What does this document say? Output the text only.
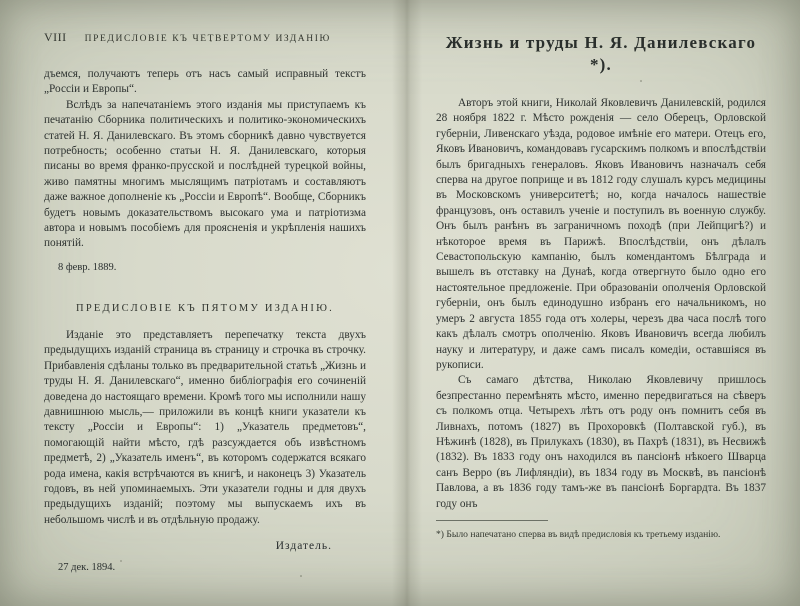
VIII ПРЕДИСЛОВІЕ КЪ ЧЕТВЕРТОМУ ИЗДАНІЮ

дъемся, получаютъ теперь отъ насъ самый исправный текстъ „Россіи и Европы“.

Вслѣдъ за напечатаніемъ этого изданія мы приступаемъ къ печатанію Сборника политическихъ и политико-экономическихъ статей Н. Я. Данилевскаго. Въ этомъ сборникѣ давно чувствуется потребность; особенно статьи Н. Я. Данилевскаго, которыя писаны во время франко-прусской и послѣдней турецкой войны, живо памятны многимъ мыслящимъ патріотамъ и составляютъ даже важное дополненіе къ „Россіи и Европѣ“. Вообще, Сборникъ будетъ новымъ доказательствомъ высокаго ума и патріотизма автора и новымъ пособіемъ для проясненія и укрѣпленія нашихъ понятій.

8 февр. 1889.
ПРЕДИСЛОВІЕ КЪ ПЯТОМУ ИЗДАНІЮ.

Изданіе это представляетъ перепечатку текста двухъ предыдущихъ изданій страница въ страницу и строчка въ строчку. Прибавленія сдѣланы только въ предварительной статьѣ „Жизнь и труды Н. Я. Данилевскаго“, именно библіографія его сочиненій доведена до настоящаго времени. Кромѣ того мы исполнили нашу давнишнюю мысль,— приложили въ концѣ книги указатели къ тексту „Россіи и Европы“: 1) „Указатель предметовъ“, помогающій найти мѣсто, гдѣ разсуждается объ извѣстномъ предметѣ, 2) „Указатель именъ“, въ которомъ содержатся всякаго рода имена, какія встрѣчаются въ книгѣ, и наконецъ 3) Указатель годовъ, въ ней упоминаемыхъ. Эти указатели годны и для двухъ предыдущихъ изданій; поэтому мы выпускаемъ ихъ въ небольшомъ числѣ и въ отдѣльную продажу.

Издатель.
27 дек. 1894.
Жизнь и труды Н. Я. Данилевскаго *).

Авторъ этой книги, Николай Яковлевичъ Данилевскій, родился 28 ноября 1822 г. Мѣсто рожденія — село Оберецъ, Орловской губерніи, Ливенскаго уѣзда, родовое имѣніе его матери. Отецъ его, Яковъ Ивановичъ, командовавъ гусарскимъ полкомъ и впослѣдствіи былъ бригадныхъ генераловъ. Яковъ Ивановичъ назначалъ себя сперва на другое поприще и въ 1812 году слушалъ курсъ медицины въ Московскомъ университетѣ; но, когда началось нашествіе французовъ, онъ оставилъ ученіе и поступилъ въ военную службу. Онъ былъ ранѣнъ въ заграничномъ походѣ (при Лейпцигѣ?) и нѣкоторое время въ Парижѣ. Впослѣдствіи, онъ дѣлалъ Севастопольскую кампанію, былъ комендантомъ Бѣлграда и вышелъ въ отставку на Дунаѣ, когда отвергнуто было одно его настоятельное предложеніе. При образованіи ополченія Орловской губерніи, онъ былъ единодушно избранъ его начальникомъ, но умеръ 2 августа 1855 года отъ холеры, черезъ два часа послѣ того какъ дѣлалъ смотръ ополченію. Яковъ Ивановичъ всегда любилъ науку и литературу, и даже самъ писалъ комедіи, оставшіяся въ рукописи.

Съ самаго дѣтства, Николаю Яковлевичу пришлось безпрестанно перемѣнять мѣсто, именно передвигаться на сѣверъ съ полкомъ отца. Четырехъ лѣтъ отъ роду онъ помнитъ себя въ Ливнахъ, потомъ (1827) въ Прохоровкѣ (Полтавской губ.), въ Нѣжинѣ (1828), въ Прилукахъ (1830), въ Пахрѣ (1831), въ Несвижѣ (1832). Въ 1833 году онъ находился въ пансіонѣ нѣкоего Шварца санъ Верро (въ Лифляндіи), въ 1834 году въ Москвѣ, въ пансіонѣ Павлова, а въ 1836 году тамъ-же въ пансіонѣ Боргардта. Въ 1837 году онъ

*) Было напечатано сперва въ видѣ предисловія къ третьему изданію.
